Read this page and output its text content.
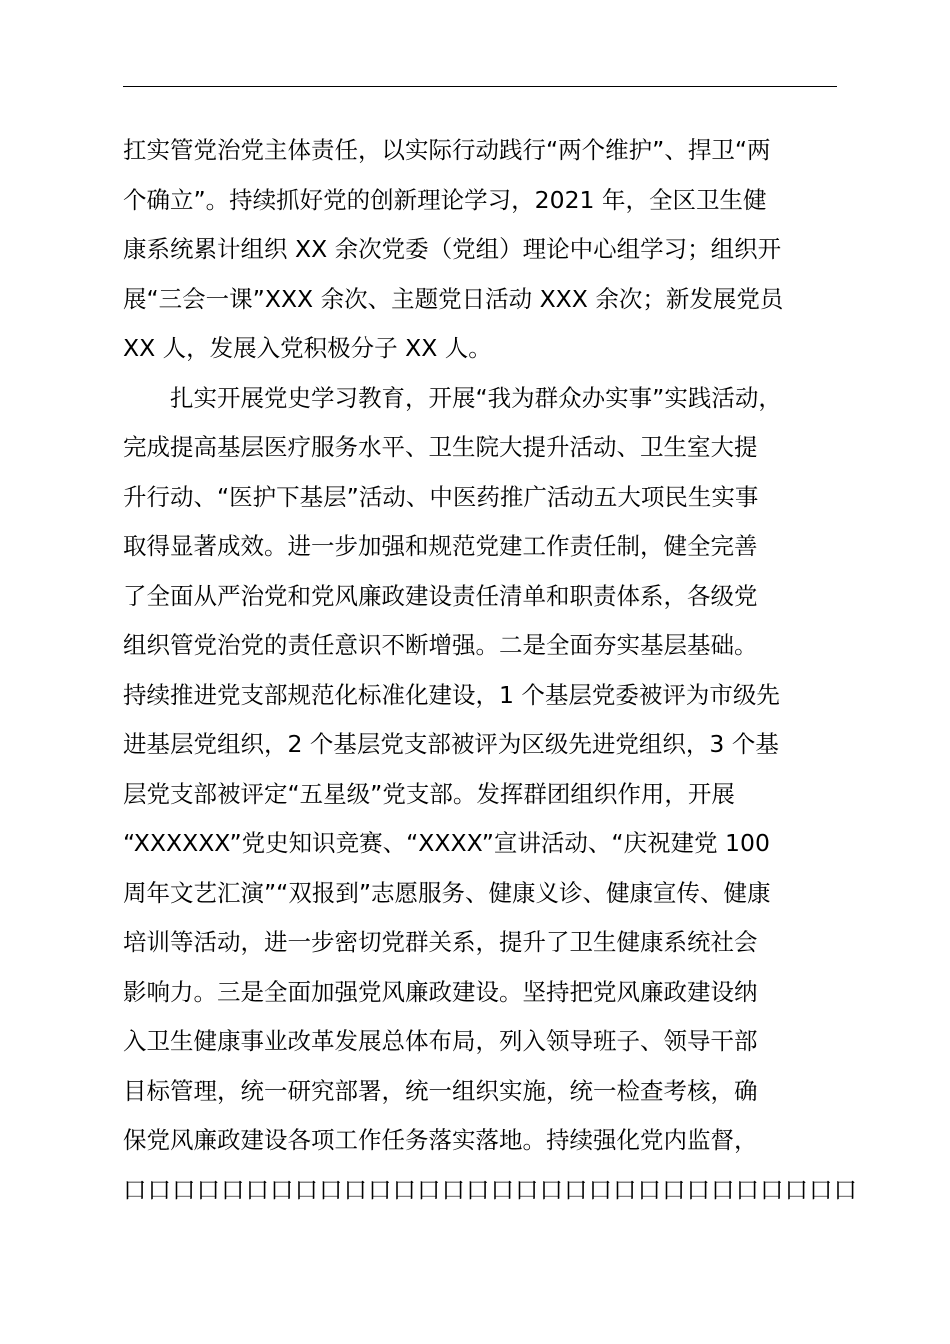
扛实管党治党主体责任，以实际行动践行“两个维护”、捍卫“两
个确立”。持续抓好党的创新理论学习，2021 年，全区卫生健
康系统累计组织 XX 余次党委（党组）理论中心组学习；组织开
展“三会一课”XXX 余次、主题党日活动 XXX 余次；新发展党员
XX 人，发展入党积极分子 XX 人。
扎实开展党史学习教育，开展“我为群众办实事”实践活动，
完成提高基层医疗服务水平、卫生院大提升活动、卫生室大提
升行动、“医护下基层”活动、中医药推广活动五大项民生实事
取得显著成效。进一步加强和规范党建工作责任制，健全完善
了全面从严治党和党风廉政建设责任清单和职责体系，各级党
组织管党治党的责任意识不断增强。二是全面夯实基层基础。
持续推进党支部规范化标准化建设，1 个基层党委被评为市级先
进基层党组织，2 个基层党支部被评为区级先进党组织，3 个基
层党支部被评定“五星级”党支部。发挥群团组织作用，开展
“XXXXXX”党史知识竞赛、“XXXX”宣讲活动、“庆祝建党 100
周年文艺汇演”“双报到”志愿服务、健康义诊、健康宣传、健康
培训等活动，进一步密切党群关系，提升了卫生健康系统社会
影响力。三是全面加强党风廉政建设。坚持把党风廉政建设纳
入卫生健康事业改革发展总体布局，列入领导班子、领导干部
目标管理，统一研究部署，统一组织实施，统一检查考核，确
保党风廉政建设各项工作任务落实落地。持续强化党内监督，
口口口口口口口口口口口口口口口口口口口口口口口口口口口口口口
